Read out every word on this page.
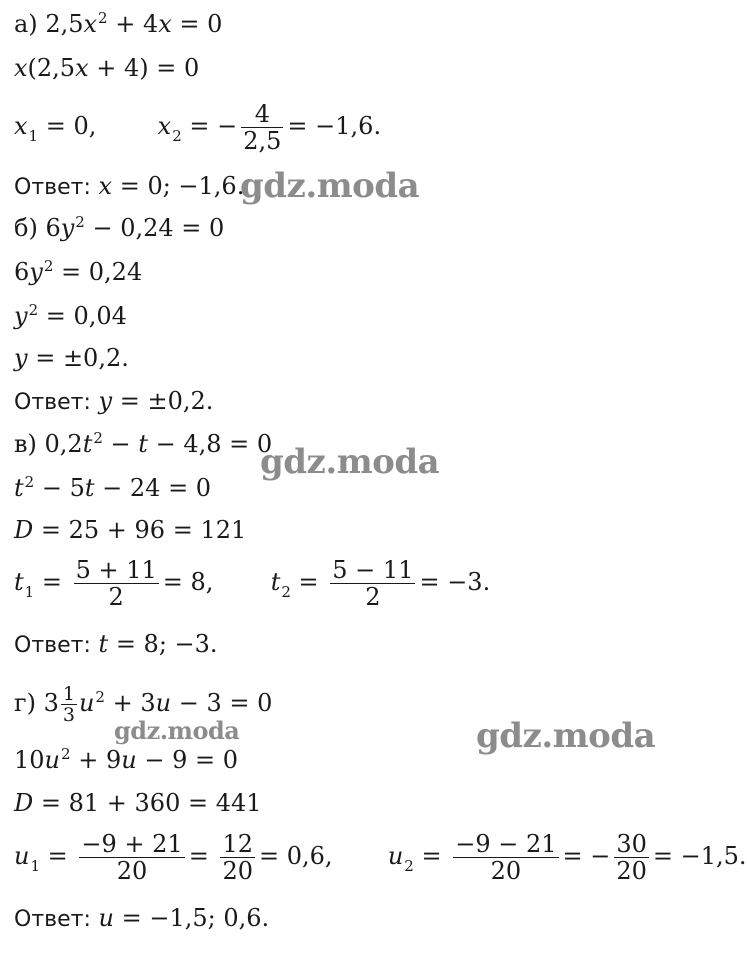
а) $2,5x^2 + 4x = 0$
x(2,5x + 4) = 0
$x_1 = 0$,	$x_2$ = − $\frac{4}{2,5} = -1,6$.
Ответ: x = 0; −1,6.
б) $6y^2 - 0,24 = 0$
$6y^2 = 0,24$
$y^2 = 0,04$
y = ±0,2.
Ответ: y = ±0,2.
в) $0,2t^2 - t - 4,8 = 0$
$t^2 - 5t - 24 = 0$
D = 25 + 96 = 121
$t_1 = \frac{5 + 11}{2} = 8$, $t_2 = \frac{5 - 11}{2} = -3$.
Ответ: t = 8; −3.
г) $3 \frac{1}{3} u^2 + 3u - 3 = 0$
$10u^2 + 9u - 9 = 0$
D = 81 + 360 = 441
$u_1 = \frac{-9 + 21}{20} = \frac{12}{20} = 0,6$, $u_2 = \frac{-9 - 21}{20}$ = − $\frac{30}{20} = -1,5$.
Ответ: u = −1,5; 0,6.
gdz.moda
gdz.moda
gdz.moda	gdz.moda
